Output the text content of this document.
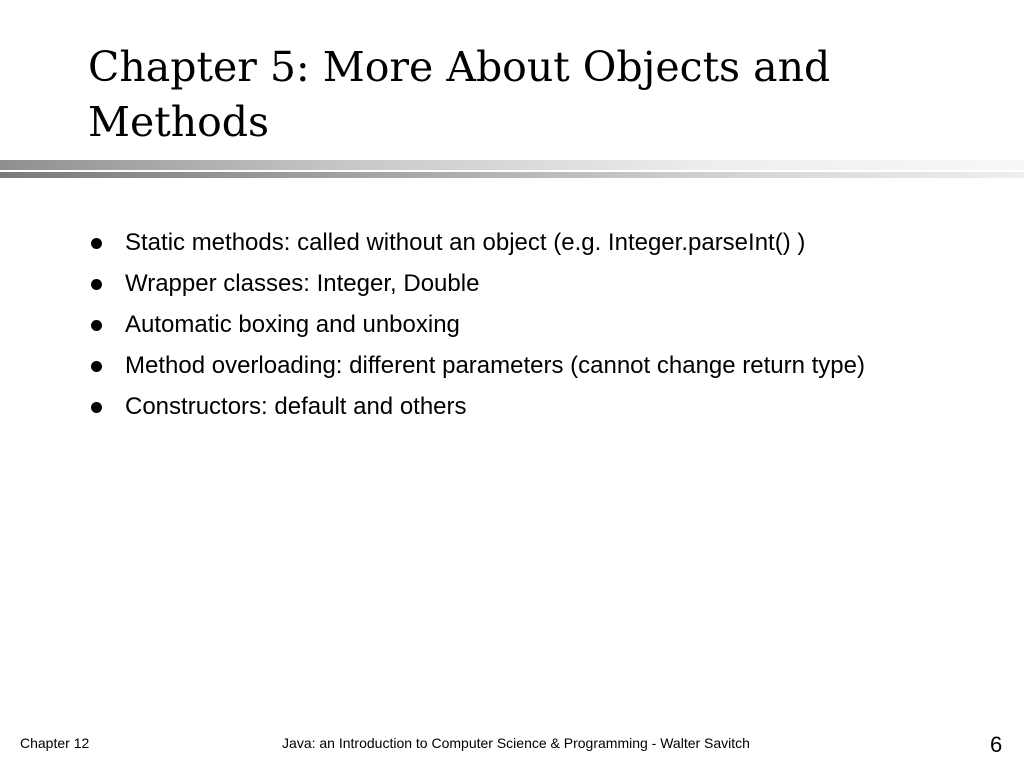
Chapter 5: More About Objects and Methods
Static methods: called without an object (e.g. Integer.parseInt() )
Wrapper classes: Integer, Double
Automatic boxing and unboxing
Method overloading: different parameters (cannot change return type)
Constructors: default and others
Chapter 12	Java: an Introduction to Computer Science & Programming - Walter Savitch	6
